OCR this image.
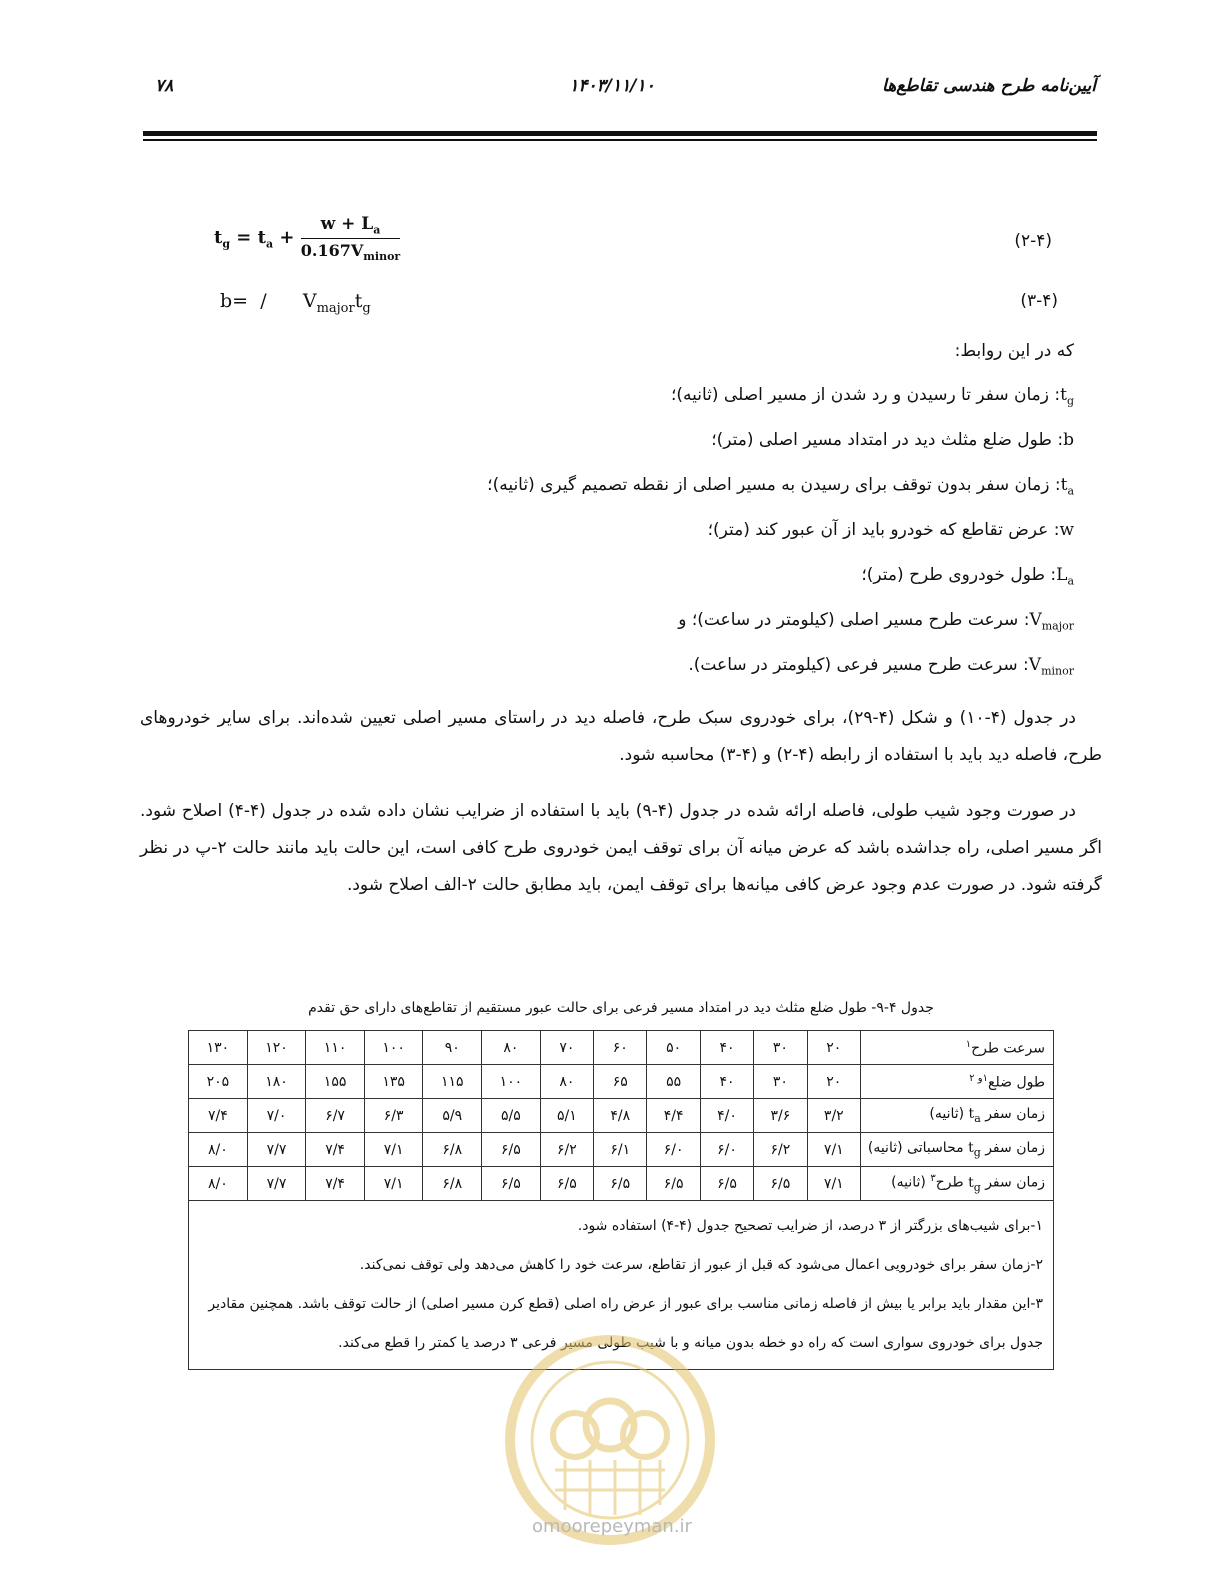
۷۸	۱۴۰۳/۱۱/۱۰	آیین‌نامه طرح هندسی تقاطع‌ها
$t_g = t_a + \frac{w + L_a}{0.167V_{minor}}$	(۲-۴)
$b= / V_{major}t_g$	(۳-۴)
که در این روابط:
$t_g$: زمان سفر تا رسیدن و رد شدن از مسیر اصلی (ثانیه)؛
b: طول ضلع مثلث دید در امتداد مسیر اصلی (متر)؛
$t_a$: زمان سفر بدون توقف برای رسیدن به مسیر اصلی از نقطه تصمیم گیری (ثانیه)؛
w: عرض تقاطع که خودرو باید از آن عبور کند (متر)؛
$L_a$: طول خودروی طرح (متر)؛
$V_{major}$: سرعت طرح مسیر اصلی (کیلومتر در ساعت)؛ و
$V_{minor}$: سرعت طرح مسیر فرعی (کیلومتر در ساعت).
در جدول (۴-۱۰) و شکل (۴-۲۹)، برای خودروی سبک طرح، فاصله دید در راستای مسیر اصلی تعیین شده‌اند. برای سایر خودروهای طرح، فاصله دید باید با استفاده از رابطه (۴-۲) و (۴-۳) محاسبه شود.
در صورت وجود شیب طولی، فاصله ارائه شده در جدول (۴-۹) باید با استفاده از ضرایب نشان داده شده در جدول (۴-۴) اصلاح شود. اگر مسیر اصلی، راه جداشده باشد که عرض میانه آن برای توقف ایمن خودروی طرح کافی است، این حالت باید مانند حالت ۲-پ در نظر گرفته شود. در صورت عدم وجود عرض کافی میانه‌ها برای توقف ایمن، باید مطابق حالت ۲-الف اصلاح شود.
جدول ۴-۹- طول ضلع مثلث دید در امتداد مسیر فرعی برای حالت عبور مستقیم از تقاطع‌های دارای حق تقدم
سرعت طرح$^۱$	۲۰	۳۰	۴۰	۵۰	۶۰	۷۰	۸۰	۹۰	۱۰۰	۱۱۰	۱۲۰	۱۳۰
طول ضلع$^{۱و ۲}$	۲۰	۳۰	۴۰	۵۵	۶۵	۸۰	۱۰۰	۱۱۵	۱۳۵	۱۵۵	۱۸۰	۲۰۵
زمان سفر $t_a$ (ثانیه)	۳/۲	۳/۶	۴/۰	۴/۴	۴/۸	۵/۱	۵/۵	۵/۹	۶/۳	۶/۷	۷/۰	۷/۴
زمان سفر $t_g$ محاسباتی (ثانیه)	۷/۱	۶/۲	۶/۰	۶/۰	۶/۱	۶/۲	۶/۵	۶/۸	۷/۱	۷/۴	۷/۷	۸/۰
زمان سفر $t_g$ طرح$^۳$ (ثانیه)	۷/۱	۶/۵	۶/۵	۶/۵	۶/۵	۶/۵	۶/۵	۶/۸	۷/۱	۷/۴	۷/۷	۸/۰

۱-برای شیب‌های بزرگتر از ۳ درصد، از ضرایب تصحیح جدول (۴-۴) استفاده شود.
۲-زمان سفر برای خودرویی اعمال می‌شود که قبل از عبور از تقاطع، سرعت خود را کاهش می‌دهد ولی توقف نمی‌کند.
۳-این مقدار باید برابر یا بیش از فاصله زمانی مناسب برای عبور از عرض راه اصلی (قطع کرن مسیر اصلی) از حالت توقف باشد. همچنین مقادیر جدول برای خودروی سواری است که راه دو خطه بدون میانه و با شیب طولی مسیر فرعی ۳ درصد یا کمتر را قطع می‌کند.												
omoorepeyman.ir
